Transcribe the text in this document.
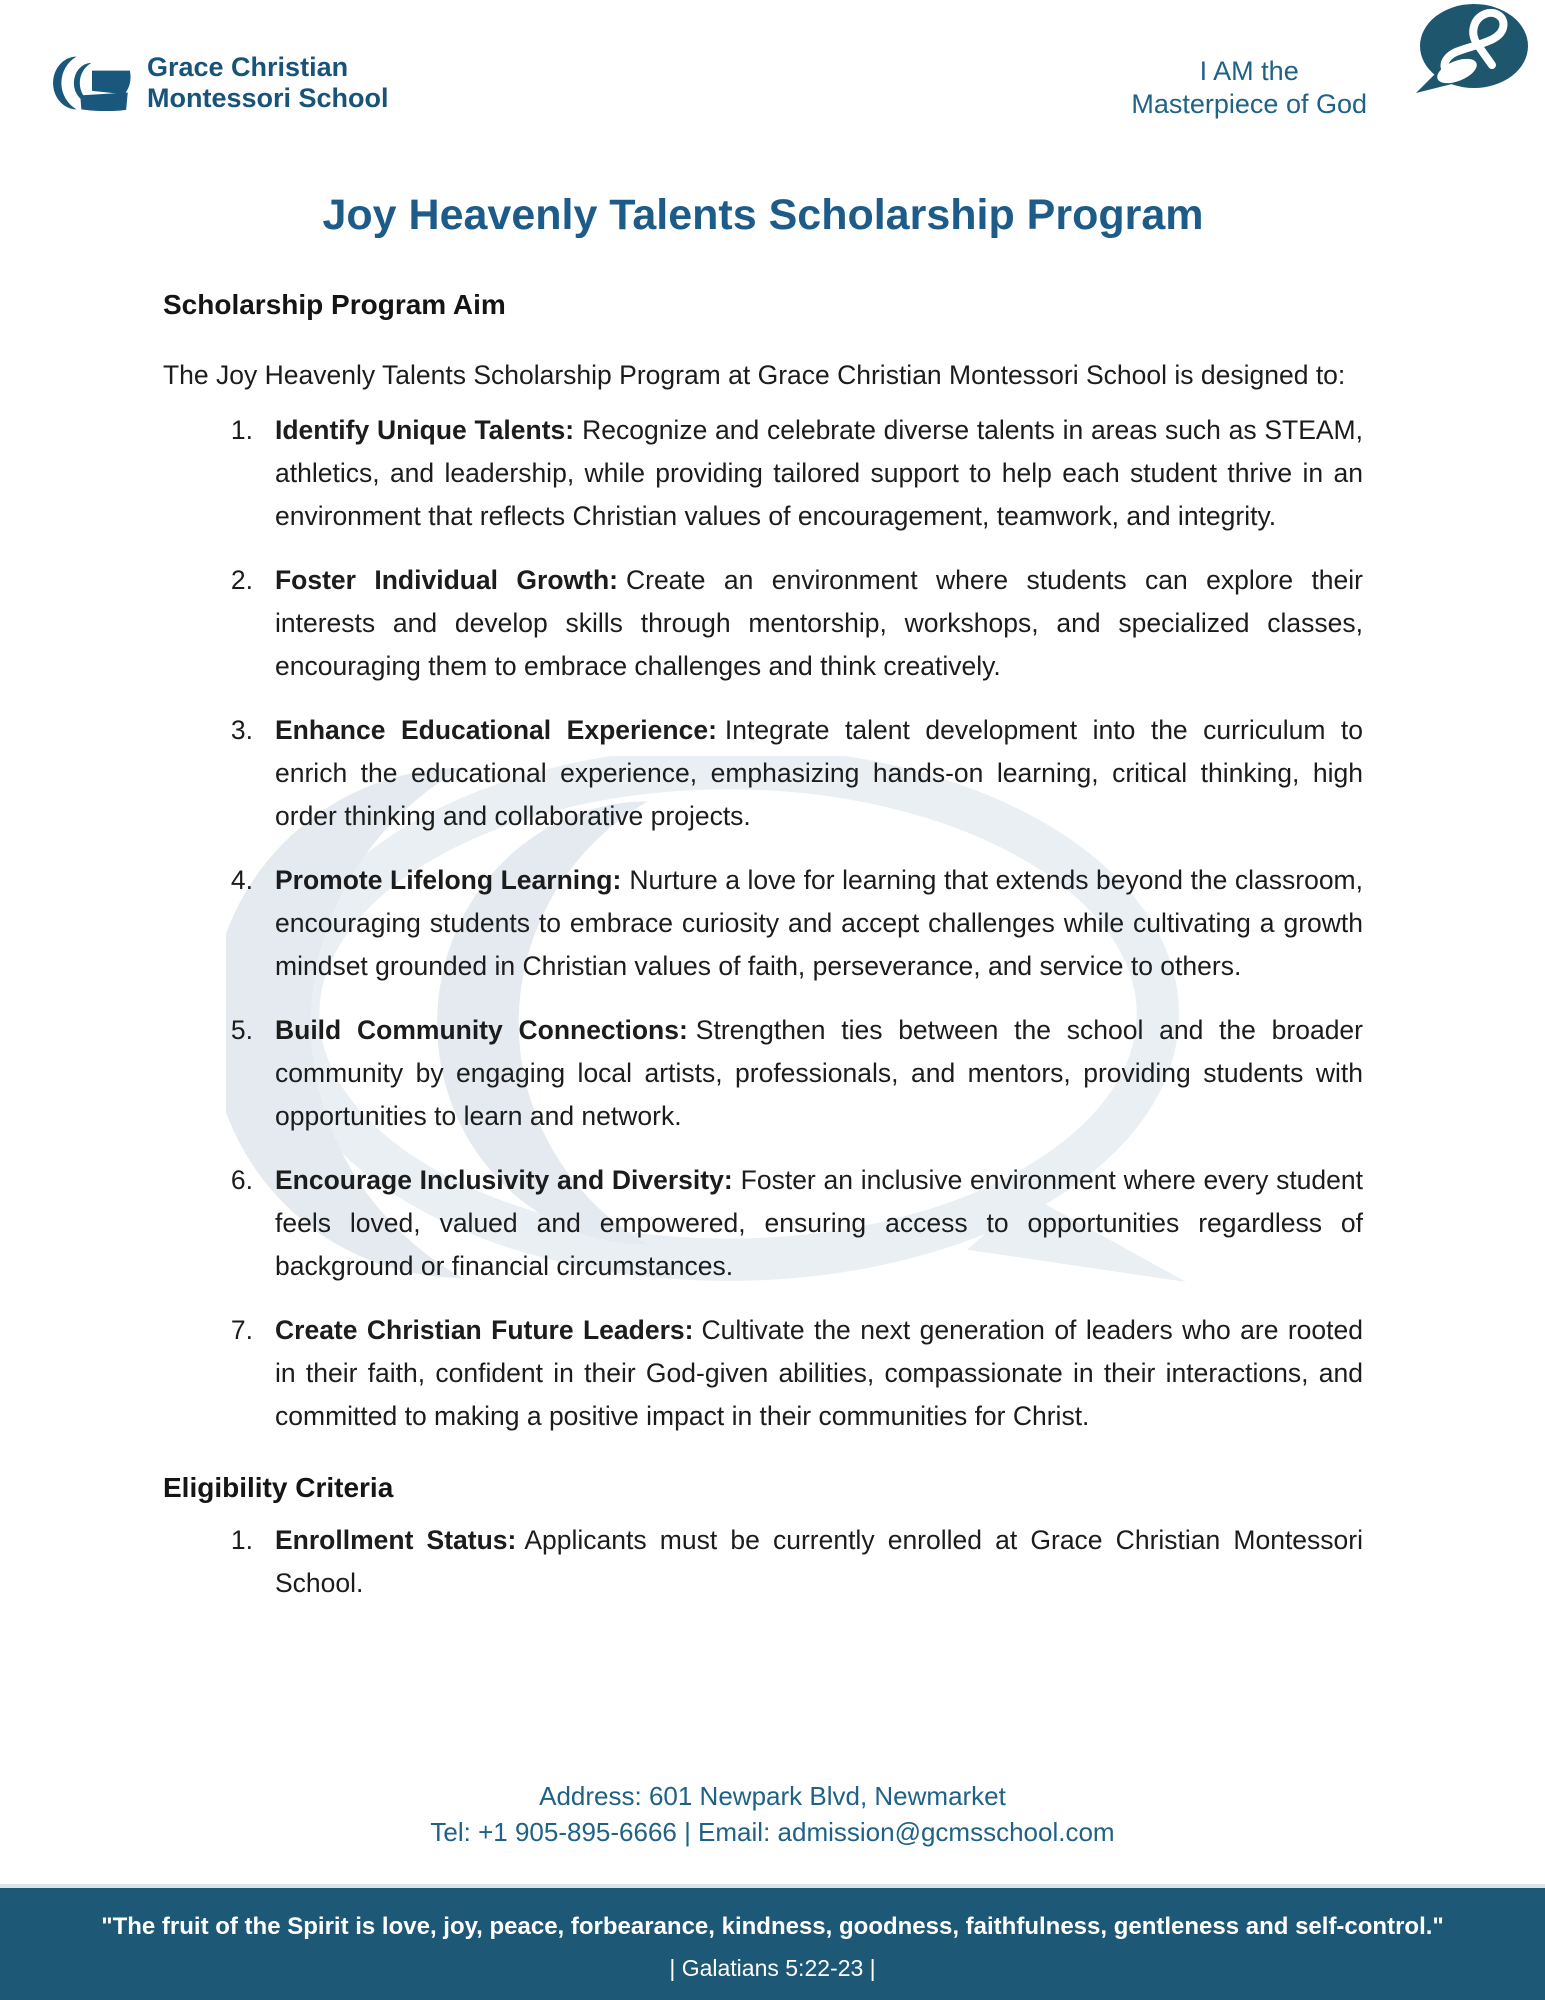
Grace Christian
Montessori School
I AM the
Masterpiece of God
Joy Heavenly Talents Scholarship Program
Scholarship Program Aim

The Joy Heavenly Talents Scholarship Program at Grace Christian Montessori School is designed to:

1. Identify Unique Talents: Recognize and celebrate diverse talents in areas such as STEAM, athletics, and leadership, while providing tailored support to help each student thrive in an environment that reflects Christian values of encouragement, teamwork, and integrity.
2. Foster Individual Growth: Create an environment where students can explore their interests and develop skills through mentorship, workshops, and specialized classes, encouraging them to embrace challenges and think creatively.
3. Enhance Educational Experience: Integrate talent development into the curriculum to enrich the educational experience, emphasizing hands-on learning, critical thinking, high order thinking and collaborative projects.
4. Promote Lifelong Learning: Nurture a love for learning that extends beyond the classroom, encouraging students to embrace curiosity and accept challenges while cultivating a growth mindset grounded in Christian values of faith, perseverance, and service to others.
5. Build Community Connections: Strengthen ties between the school and the broader community by engaging local artists, professionals, and mentors, providing students with opportunities to learn and network.
6. Encourage Inclusivity and Diversity: Foster an inclusive environment where every student feels loved, valued and empowered, ensuring access to opportunities regardless of background or financial circumstances.
7. Create Christian Future Leaders: Cultivate the next generation of leaders who are rooted in their faith, confident in their God-given abilities, compassionate in their interactions, and committed to making a positive impact in their communities for Christ.
Eligibility Criteria
1. Enrollment Status: Applicants must be currently enrolled at Grace Christian Montessori School.
Address: 601 Newpark Blvd, Newmarket
Tel: +1 905-895-6666 | Email: admission@gcmsschool.com
"The fruit of the Spirit is love, joy, peace, forbearance, kindness, goodness, faithfulness, gentleness and self-control."
| Galatians 5:22-23 |
